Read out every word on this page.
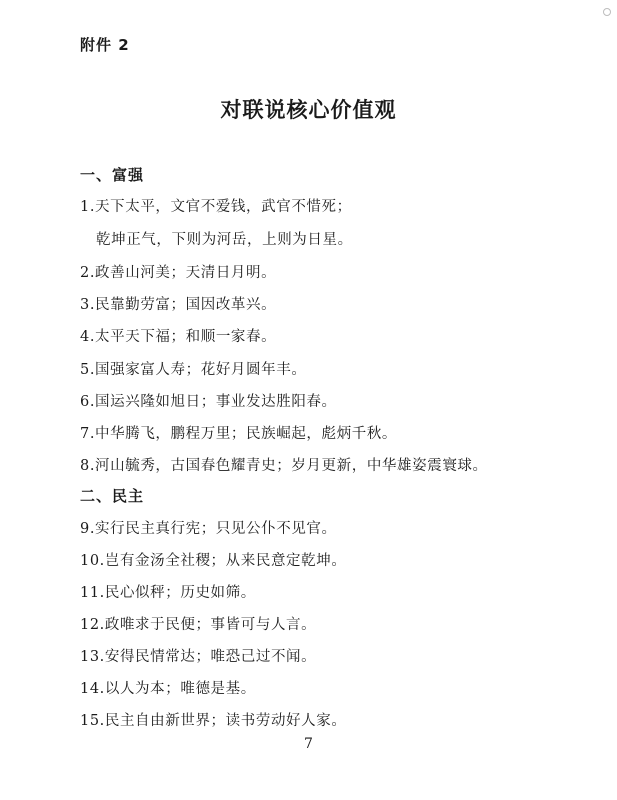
附件 2
对联说核心价值观
一、富强
1.天下太平，文官不爱钱，武官不惜死；
乾坤正气，下则为河岳，上则为日星。
2.政善山河美；天清日月明。
3.民靠勤劳富；国因改革兴。
4.太平天下福；和顺一家春。
5.国强家富人寿；花好月圆年丰。
6.国运兴隆如旭日；事业发达胜阳春。
7.中华腾飞，鹏程万里；民族崛起，彪炳千秋。
8.河山毓秀，古国春色耀青史；岁月更新，中华雄姿震寰球。
二、民主
9.实行民主真行宪；只见公仆不见官。
10.岂有金汤全社稷；从来民意定乾坤。
11.民心似秤；历史如筛。
12.政唯求于民便；事皆可与人言。
13.安得民情常达；唯恐己过不闻。
14.以人为本；唯德是基。
15.民主自由新世界；读书劳动好人家。
7
